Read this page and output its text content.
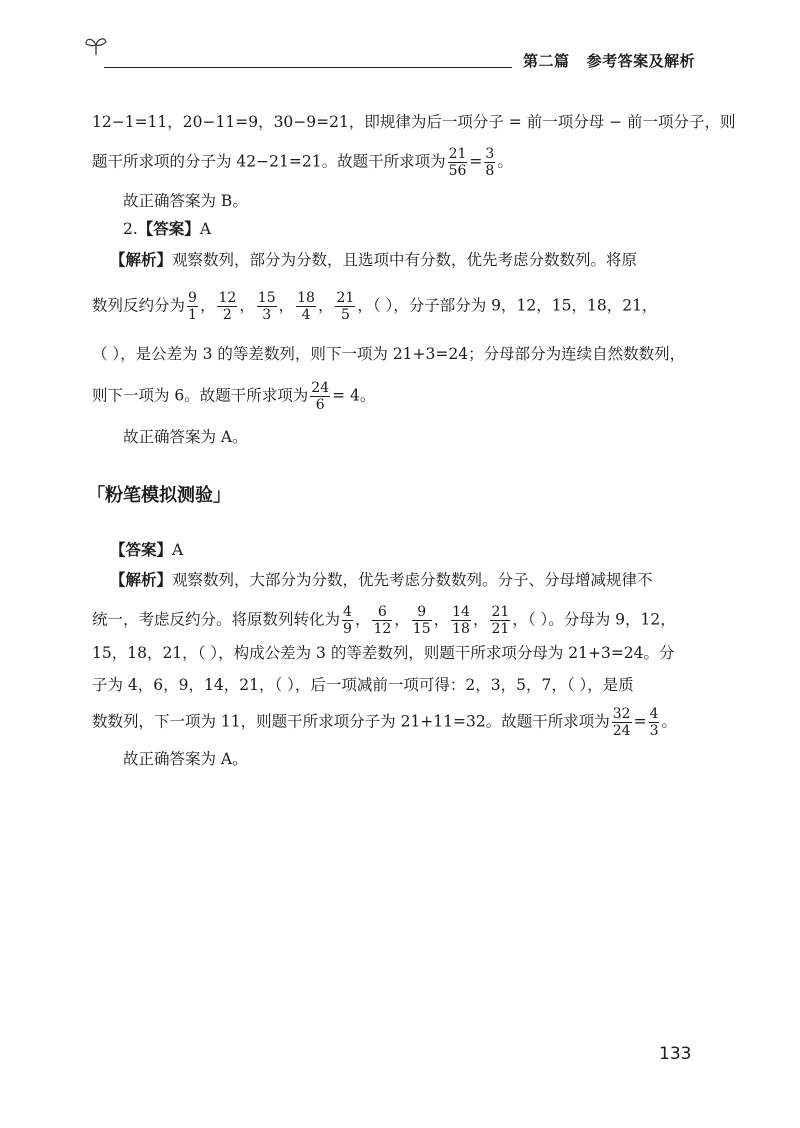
第二篇   参考答案及解析
12−1=11，20−11=9，30−9=21，即规律为后一项分子 = 前一项分母 − 前一项分子，则
题干所求项的分子为 42−21=21。故题干所求项为 $\frac{21}{56} = \frac{3}{8}$ 。
故正确答案为 B。
2.【答案】A
【解析】观察数列，部分为分数，且选项中有分数，优先考虑分数数列。将原
数列反约分为 $\frac{9}{1}$ ， $\frac{12}{2}$ ， $\frac{15}{3}$ ， $\frac{18}{4}$ ， $\frac{21}{5}$ ，（ ），分子部分为 9，12，15，18，21，
（ ），是公差为 3 的等差数列，则下一项为 21+3=24；分母部分为连续自然数数列，
则下一项为 6。故题干所求项为 $\frac{24}{6} = 4$。
故正确答案为 A。
「粉笔模拟测验」
【答案】A
【解析】观察数列，大部分为分数，优先考虑分数数列。分子、分母增减规律不
统一，考虑反约分。将原数列转化为 $\frac{4}{9}$ ， $\frac{6}{12}$ ， $\frac{9}{15}$ ， $\frac{14}{18}$ ， $\frac{21}{21}$ ，（ ）。分母为 9，12，
15，18，21，（ ），构成公差为 3 的等差数列，则题干所求项分母为 21+3=24。分
子为 4，6，9，14，21，（ ），后一项减前一项可得：2，3，5，7，（ ），是质
数数列，下一项为 11，则题干所求项分子为 21+11=32。故题干所求项为 $\frac{32}{24} = \frac{4}{3}$ 。
故正确答案为 A。
133
